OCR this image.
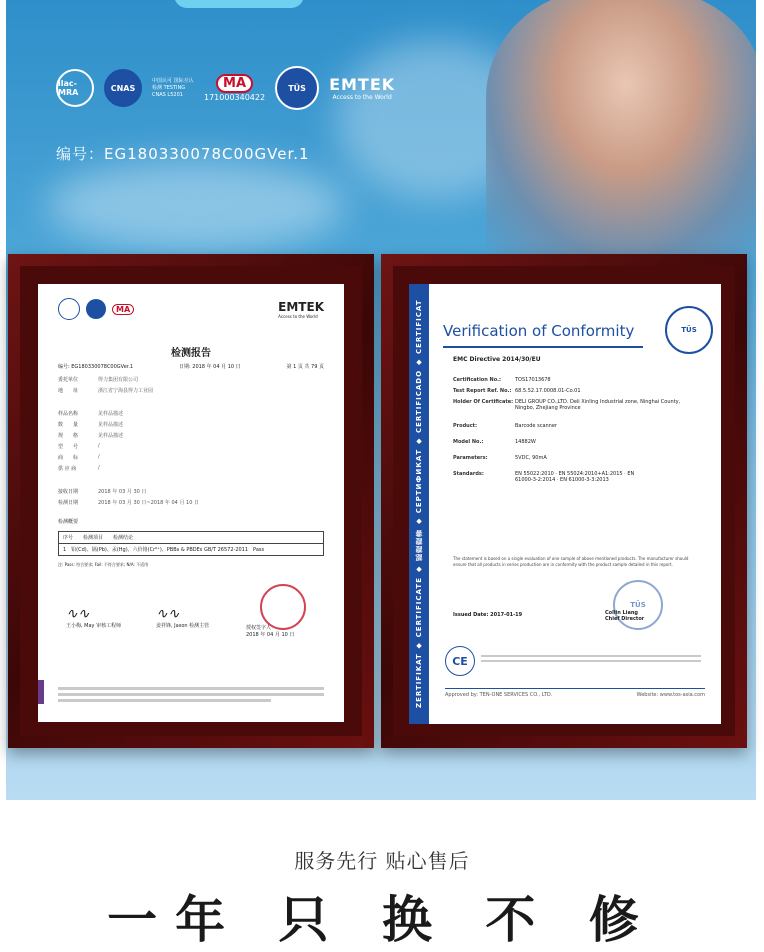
ilac-MRA	CNAS
中国认可 国际互认 检测 TESTING CNAS L5201
MA
171000340422
TÜS	EMTEK
Access to the World
编号：EG180330078C00GVer.1
MA	EMTEK
Access to the World
检测报告
编号: EG180330078C00GVer.1	日期: 2018 年 04 月 10 日	第 1 页 共 79 页
委托单位	得力集团有限公司
地　　址	浙江省宁海县得力工业园
样品名称	见样品描述
数　　量	见样品描述
规　　格	见样品描述
型　　号	/
商　　标	/
供 应 商	/
接收日期	2018 年 03 月 30 日
检测日期	2018 年 03 月 30 日~2018 年 04 月 10 日
检测概要
序号　　检测项目　　检测结论
1　铅(Cd)、镉(Pb)、汞(Hg)、六价铬(Cr⁶⁺)、PBBs & PBDEs GB/T 26572-2011　Pass
注: Pass: 符合要求; Fail: 不符合要求; N/A: 不适用
∿∿
王小梅, May 审核工程师
∿∿
姜祥锋, Jason 检测主管	授权签字人
2018 年 04 月 10 日	ZERTIFIKAT ◆ CERTIFICATE ◆ 認證證書 ◆ СЕРТИФИКАТ ◆ CERTIFICADO ◆ CERTIFICAT	Verification of Conformity	TÜS
EMC Directive 2014/30/EU
Certification No.:	TOS17013678
Test Report Ref. No.: 68.5.52.17.0008.01-Co.01
Holder Of Certificate: DELI GROUP CO.,LTD. Deli Xinling Industrial zone, Ninghai County, Ningbo, Zhejiang Province
Product:	Barcode scanner
Model No.:	14882W
Parameters:	5VDC, 90mA
Standards:	EN 55022:2010 · EN 55024:2010+A1:2015 · EN 61000-3-2:2014 · EN 61000-3-3:2013
The statement is based on a single evaluation of one sample of above mentioned products. The manufacturer should ensure that all products in series production are in conformity with the product sample detailed in this report.
Issued Date: 2017-01-19
TÜS
Collin Liang
Chief Director
CE
Approved by: TEN-ONE SERVICES CO., LTD.	Website: www.tos-asia.com
服务先行 贴心售后
一年 只 换 不 修
